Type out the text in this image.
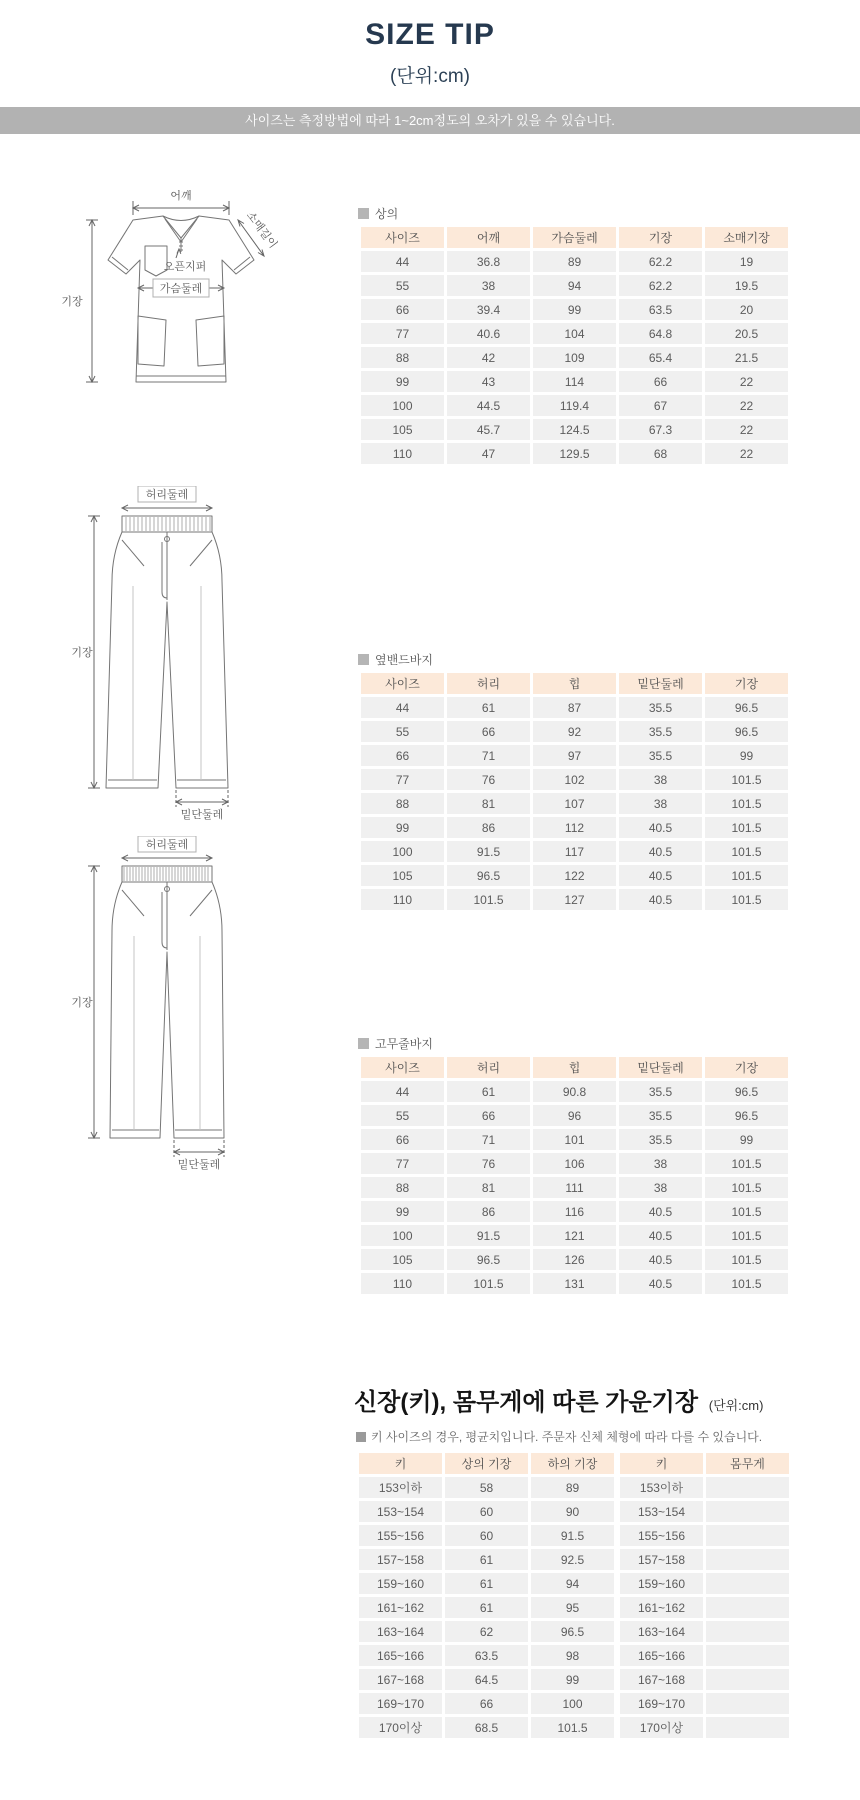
SIZE TIP
(단위:cm)
사이즈는 측정방법에 따라 1~2cm정도의 오차가 있을 수 있습니다.
어깨
소매길이
오픈지퍼
가슴둘레
기장
허리둘레
기장
밑단둘레
허리둘레
기장
밑단둘레
상의
사이즈	어깨	가슴둘레	기장	소매기장
44	36.8	89	62.2	19
55	38	94	62.2	19.5
66	39.4	99	63.5	20
77	40.6	104	64.8	20.5
88	42	109	65.4	21.5
99	43	114	66	22
100	44.5	119.4	67	22
105	45.7	124.5	67.3	22
110	47	129.5	68	22
옆밴드바지
사이즈	허리	힙	밑단둘레	기장
44	61	87	35.5	96.5
55	66	92	35.5	96.5
66	71	97	35.5	99
77	76	102	38	101.5
88	81	107	38	101.5
99	86	112	40.5	101.5
100	91.5	117	40.5	101.5
105	96.5	122	40.5	101.5
110	101.5	127	40.5	101.5
고무줄바지
사이즈	허리	힙	밑단둘레	기장
44	61	90.8	35.5	96.5
55	66	96	35.5	96.5
66	71	101	35.5	99
77	76	106	38	101.5
88	81	111	38	101.5
99	86	116	40.5	101.5
100	91.5	121	40.5	101.5
105	96.5	126	40.5	101.5
110	101.5	131	40.5	101.5
신장(키), 몸무게에 따른 가운기장 (단위:cm)
키 사이즈의 경우, 평균치입니다. 주문자 신체 체형에 따라 다를 수 있습니다.
키	상의 기장	하의 기장	키	몸무게
153이하	58	89	153이하	
153~154	60	90	153~154	
155~156	60	91.5	155~156	
157~158	61	92.5	157~158	
159~160	61	94	159~160	
161~162	61	95	161~162	
163~164	62	96.5	163~164	
165~166	63.5	98	165~166	
167~168	64.5	99	167~168	
169~170	66	100	169~170	
170이상	68.5	101.5	170이상	
